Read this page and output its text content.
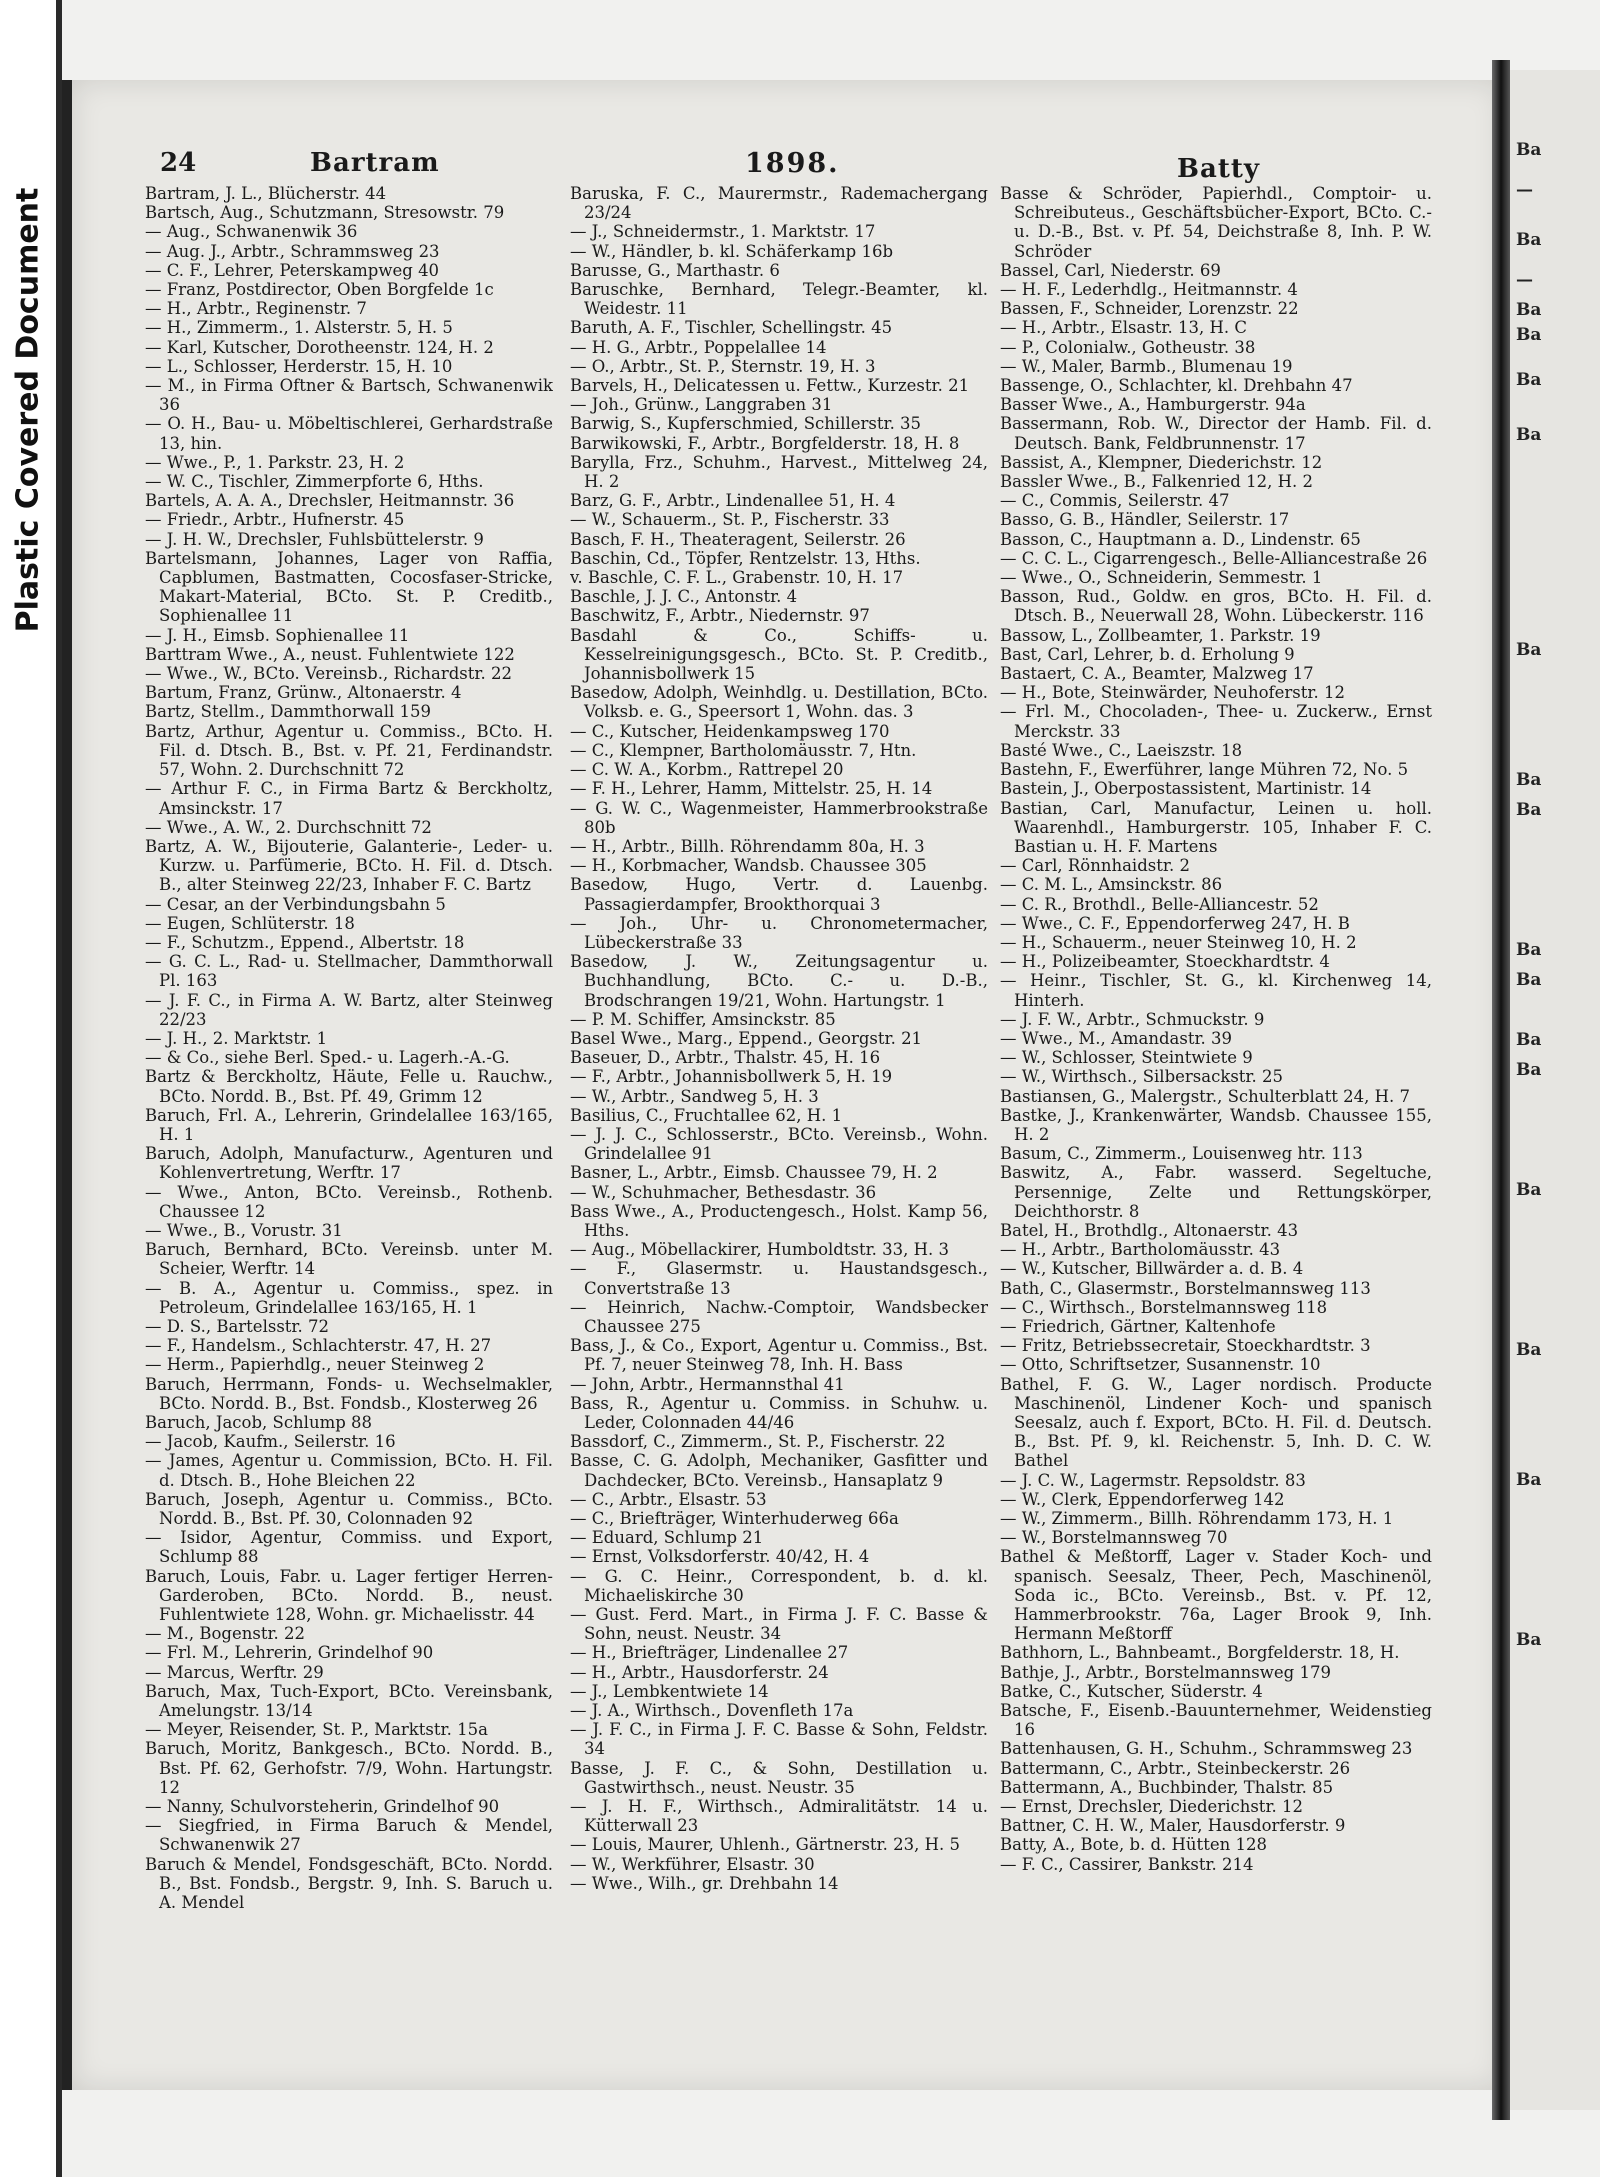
Plastic Covered Document
Ba
—
Ba
—
Ba
Ba
Ba
Ba
Ba
Ba
Ba
Ba
Ba
Ba
Ba
Ba
Ba
Ba
Ba
24	Bartram	1898.	Batty

Bartram, J. L., Blücherstr. 44

Bartsch, Aug., Schutzmann, Stresowstr. 79

— Aug., Schwanenwik 36

— Aug. J., Arbtr., Schrammsweg 23

— C. F., Lehrer, Peterskampweg 40

— Franz, Postdirector, Oben Borgfelde 1c

— H., Arbtr., Reginenstr. 7

— H., Zimmerm., 1. Alsterstr. 5, H. 5

— Karl, Kutscher, Dorotheenstr. 124, H. 2

— L., Schlosser, Herderstr. 15, H. 10

— M., in Firma Oftner & Bartsch, Schwanenwik 36

— O. H., Bau- u. Möbeltischlerei, Gerhardstraße 13, hin.

— Wwe., P., 1. Parkstr. 23, H. 2

— W. C., Tischler, Zimmerpforte 6, Hths.

Bartels, A. A. A., Drechsler, Heitmannstr. 36

— Friedr., Arbtr., Hufnerstr. 45

— J. H. W., Drechsler, Fuhlsbüttelerstr. 9

Bartelsmann, Johannes, Lager von Raffia, Capblumen, Bastmatten, Cocosfaser-Stricke, Makart-Material, BCto. St. P. Creditb., Sophienallee 11

— J. H., Eimsb. Sophienallee 11

Barttram Wwe., A., neust. Fuhlentwiete 122

— Wwe., W., BCto. Vereinsb., Richardstr. 22

Bartum, Franz, Grünw., Altonaerstr. 4

Bartz, Stellm., Dammthorwall 159

Bartz, Arthur, Agentur u. Commiss., BCto. H. Fil. d. Dtsch. B., Bst. v. Pf. 21, Ferdinandstr. 57, Wohn. 2. Durchschnitt 72

— Arthur F. C., in Firma Bartz & Berckholtz, Amsinckstr. 17

— Wwe., A. W., 2. Durchschnitt 72

Bartz, A. W., Bijouterie, Galanterie-, Leder- u. Kurzw. u. Parfümerie, BCto. H. Fil. d. Dtsch. B., alter Steinweg 22/23, Inhaber F. C. Bartz

— Cesar, an der Verbindungsbahn 5

— Eugen, Schlüterstr. 18

— F., Schutzm., Eppend., Albertstr. 18

— G. C. L., Rad- u. Stellmacher, Dammthorwall Pl. 163

— J. F. C., in Firma A. W. Bartz, alter Steinweg 22/23

— J. H., 2. Marktstr. 1

— & Co., siehe Berl. Sped.- u. Lagerh.-A.-G.

Bartz & Berckholtz, Häute, Felle u. Rauchw., BCto. Nordd. B., Bst. Pf. 49, Grimm 12

Baruch, Frl. A., Lehrerin, Grindelallee 163/165, H. 1

Baruch, Adolph, Manufacturw., Agenturen und Kohlenvertretung, Werftr. 17

— Wwe., Anton, BCto. Vereinsb., Rothenb. Chaussee 12

— Wwe., B., Vorustr. 31

Baruch, Bernhard, BCto. Vereinsb. unter M. Scheier, Werftr. 14

— B. A., Agentur u. Commiss., spez. in Petroleum, Grindelallee 163/165, H. 1

— D. S., Bartelsstr. 72

— F., Handelsm., Schlachterstr. 47, H. 27

— Herm., Papierhdlg., neuer Steinweg 2

Baruch, Herrmann, Fonds- u. Wechselmakler, BCto. Nordd. B., Bst. Fondsb., Klosterweg 26

Baruch, Jacob, Schlump 88

— Jacob, Kaufm., Seilerstr. 16

— James, Agentur u. Commission, BCto. H. Fil. d. Dtsch. B., Hohe Bleichen 22

Baruch, Joseph, Agentur u. Commiss., BCto. Nordd. B., Bst. Pf. 30, Colonnaden 92

— Isidor, Agentur, Commiss. und Export, Schlump 88

Baruch, Louis, Fabr. u. Lager fertiger Herren-Garderoben, BCto. Nordd. B., neust. Fuhlentwiete 128, Wohn. gr. Michaelisstr. 44

— M., Bogenstr. 22

— Frl. M., Lehrerin, Grindelhof 90

— Marcus, Werftr. 29

Baruch, Max, Tuch-Export, BCto. Vereinsbank, Amelungstr. 13/14

— Meyer, Reisender, St. P., Marktstr. 15a

Baruch, Moritz, Bankgesch., BCto. Nordd. B., Bst. Pf. 62, Gerhofstr. 7/9, Wohn. Hartungstr. 12

— Nanny, Schulvorsteherin, Grindelhof 90

— Siegfried, in Firma Baruch & Mendel, Schwanenwik 27

Baruch & Mendel, Fondsgeschäft, BCto. Nordd. B., Bst. Fondsb., Bergstr. 9, Inh. S. Baruch u. A. Mendel

Baruska, F. C., Maurermstr., Rademachergang 23/24

— J., Schneidermstr., 1. Marktstr. 17

— W., Händler, b. kl. Schäferkamp 16b

Barusse, G., Marthastr. 6

Baruschke, Bernhard, Telegr.-Beamter, kl. Weidestr. 11

Baruth, A. F., Tischler, Schellingstr. 45

— H. G., Arbtr., Poppelallee 14

— O., Arbtr., St. P., Sternstr. 19, H. 3

Barvels, H., Delicatessen u. Fettw., Kurzestr. 21

— Joh., Grünw., Langgraben 31

Barwig, S., Kupferschmied, Schillerstr. 35

Barwikowski, F., Arbtr., Borgfelderstr. 18, H. 8

Barylla, Frz., Schuhm., Harvest., Mittelweg 24, H. 2

Barz, G. F., Arbtr., Lindenallee 51, H. 4

— W., Schauerm., St. P., Fischerstr. 33

Basch, F. H., Theateragent, Seilerstr. 26

Baschin, Cd., Töpfer, Rentzelstr. 13, Hths.

v. Baschle, C. F. L., Grabenstr. 10, H. 17

Baschle, J. J. C., Antonstr. 4

Baschwitz, F., Arbtr., Niedernstr. 97

Basdahl & Co., Schiffs- u. Kesselreinigungsgesch., BCto. St. P. Creditb., Johannisbollwerk 15

Basedow, Adolph, Weinhdlg. u. Destillation, BCto. Volksb. e. G., Speersort 1, Wohn. das. 3

— C., Kutscher, Heidenkampsweg 170

— C., Klempner, Bartholomäusstr. 7, Htn.

— C. W. A., Korbm., Rattrepel 20

— F. H., Lehrer, Hamm, Mittelstr. 25, H. 14

— G. W. C., Wagenmeister, Hammerbrookstraße 80b

— H., Arbtr., Billh. Röhrendamm 80a, H. 3

— H., Korbmacher, Wandsb. Chaussee 305

Basedow, Hugo, Vertr. d. Lauenbg. Passagierdampfer, Brookthorquai 3

— Joh., Uhr- u. Chronometermacher, Lübeckerstraße 33

Basedow, J. W., Zeitungsagentur u. Buchhandlung, BCto. C.- u. D.-B., Brodschrangen 19/21, Wohn. Hartungstr. 1

— P. M. Schiffer, Amsinckstr. 85

Basel Wwe., Marg., Eppend., Georgstr. 21

Baseuer, D., Arbtr., Thalstr. 45, H. 16

— F., Arbtr., Johannisbollwerk 5, H. 19

— W., Arbtr., Sandweg 5, H. 3

Basilius, C., Fruchtallee 62, H. 1

— J. J. C., Schlosserstr., BCto. Vereinsb., Wohn. Grindelallee 91

Basner, L., Arbtr., Eimsb. Chaussee 79, H. 2

— W., Schuhmacher, Bethesdastr. 36

Bass Wwe., A., Productengesch., Holst. Kamp 56, Hths.

— Aug., Möbellackirer, Humboldtstr. 33, H. 3

— F., Glasermstr. u. Haustandsgesch., Convertstraße 13

— Heinrich, Nachw.-Comptoir, Wandsbecker Chaussee 275

Bass, J., & Co., Export, Agentur u. Commiss., Bst. Pf. 7, neuer Steinweg 78, Inh. H. Bass

— John, Arbtr., Hermannsthal 41

Bass, R., Agentur u. Commiss. in Schuhw. u. Leder, Colonnaden 44/46

Bassdorf, C., Zimmerm., St. P., Fischerstr. 22

Basse, C. G. Adolph, Mechaniker, Gasfitter und Dachdecker, BCto. Vereinsb., Hansaplatz 9

— C., Arbtr., Elsastr. 53

— C., Briefträger, Winterhuderweg 66a

— Eduard, Schlump 21

— Ernst, Volksdorferstr. 40/42, H. 4

— G. C. Heinr., Correspondent, b. d. kl. Michaeliskirche 30

— Gust. Ferd. Mart., in Firma J. F. C. Basse & Sohn, neust. Neustr. 34

— H., Briefträger, Lindenallee 27

— H., Arbtr., Hausdorferstr. 24

— J., Lembkentwiete 14

— J. A., Wirthsch., Dovenfleth 17a

— J. F. C., in Firma J. F. C. Basse & Sohn, Feldstr. 34

Basse, J. F. C., & Sohn, Destillation u. Gastwirthsch., neust. Neustr. 35

— J. H. F., Wirthsch., Admiralitätstr. 14 u. Kütterwall 23

— Louis, Maurer, Uhlenh., Gärtnerstr. 23, H. 5

— W., Werkführer, Elsastr. 30

— Wwe., Wilh., gr. Drehbahn 14

Basse & Schröder, Papierhdl., Comptoir- u. Schreibuteus., Geschäftsbücher-Export, BCto. C.- u. D.-B., Bst. v. Pf. 54, Deichstraße 8, Inh. P. W. Schröder

Bassel, Carl, Niederstr. 69

— H. F., Lederhdlg., Heitmannstr. 4

Bassen, F., Schneider, Lorenzstr. 22

— H., Arbtr., Elsastr. 13, H. C

— P., Colonialw., Gotheustr. 38

— W., Maler, Barmb., Blumenau 19

Bassenge, O., Schlachter, kl. Drehbahn 47

Basser Wwe., A., Hamburgerstr. 94a

Bassermann, Rob. W., Director der Hamb. Fil. d. Deutsch. Bank, Feldbrunnenstr. 17

Bassist, A., Klempner, Diederichstr. 12

Bassler Wwe., B., Falkenried 12, H. 2

— C., Commis, Seilerstr. 47

Basso, G. B., Händler, Seilerstr. 17

Basson, C., Hauptmann a. D., Lindenstr. 65

— C. C. L., Cigarrengesch., Belle-Alliancestraße 26

— Wwe., O., Schneiderin, Semmestr. 1

Basson, Rud., Goldw. en gros, BCto. H. Fil. d. Dtsch. B., Neuerwall 28, Wohn. Lübeckerstr. 116

Bassow, L., Zollbeamter, 1. Parkstr. 19

Bast, Carl, Lehrer, b. d. Erholung 9

Bastaert, C. A., Beamter, Malzweg 17

— H., Bote, Steinwärder, Neuhoferstr. 12

— Frl. M., Chocoladen-, Thee- u. Zuckerw., Ernst Merckstr. 33

Basté Wwe., C., Laeiszstr. 18

Bastehn, F., Ewerführer, lange Mühren 72, No. 5

Bastein, J., Oberpostassistent, Martinistr. 14

Bastian, Carl, Manufactur, Leinen u. holl. Waarenhdl., Hamburgerstr. 105, Inhaber F. C. Bastian u. H. F. Martens

— Carl, Rönnhaidstr. 2

— C. M. L., Amsinckstr. 86

— C. R., Brothdl., Belle-Alliancestr. 52

— Wwe., C. F., Eppendorferweg 247, H. B

— H., Schauerm., neuer Steinweg 10, H. 2

— H., Polizeibeamter, Stoeckhardtstr. 4

— Heinr., Tischler, St. G., kl. Kirchenweg 14, Hinterh.

— J. F. W., Arbtr., Schmuckstr. 9

— Wwe., M., Amandastr. 39

— W., Schlosser, Steintwiete 9

— W., Wirthsch., Silbersackstr. 25

Bastiansen, G., Malergstr., Schulterblatt 24, H. 7

Bastke, J., Krankenwärter, Wandsb. Chaussee 155, H. 2

Basum, C., Zimmerm., Louisenweg htr. 113

Baswitz, A., Fabr. wasserd. Segeltuche, Persennige, Zelte und Rettungskörper, Deichthorstr. 8

Batel, H., Brothdlg., Altonaerstr. 43

— H., Arbtr., Bartholomäusstr. 43

— W., Kutscher, Billwärder a. d. B. 4

Bath, C., Glasermstr., Borstelmannsweg 113

— C., Wirthsch., Borstelmannsweg 118

— Friedrich, Gärtner, Kaltenhofe

— Fritz, Betriebssecretair, Stoeckhardtstr. 3

— Otto, Schriftsetzer, Susannenstr. 10

Bathel, F. G. W., Lager nordisch. Producte Maschinenöl, Lindener Koch- und spanisch Seesalz, auch f. Export, BCto. H. Fil. d. Deutsch. B., Bst. Pf. 9, kl. Reichenstr. 5, Inh. D. C. W. Bathel

— J. C. W., Lagermstr. Repsoldstr. 83

— W., Clerk, Eppendorferweg 142

— W., Zimmerm., Billh. Röhrendamm 173, H. 1

— W., Borstelmannsweg 70

Bathel & Meßtorff, Lager v. Stader Koch- und spanisch. Seesalz, Theer, Pech, Maschinenöl, Soda ic., BCto. Vereinsb., Bst. v. Pf. 12, Hammerbrookstr. 76a, Lager Brook 9, Inh. Hermann Meßtorff

Bathhorn, L., Bahnbeamt., Borgfelderstr. 18, H.

Bathje, J., Arbtr., Borstelmannsweg 179

Batke, C., Kutscher, Süderstr. 4

Batsche, F., Eisenb.-Bauunternehmer, Weidenstieg 16

Battenhausen, G. H., Schuhm., Schrammsweg 23

Battermann, C., Arbtr., Steinbeckerstr. 26

Battermann, A., Buchbinder, Thalstr. 85

— Ernst, Drechsler, Diederichstr. 12

Battner, C. H. W., Maler, Hausdorferstr. 9

Batty, A., Bote, b. d. Hütten 128

— F. C., Cassirer, Bankstr. 214
